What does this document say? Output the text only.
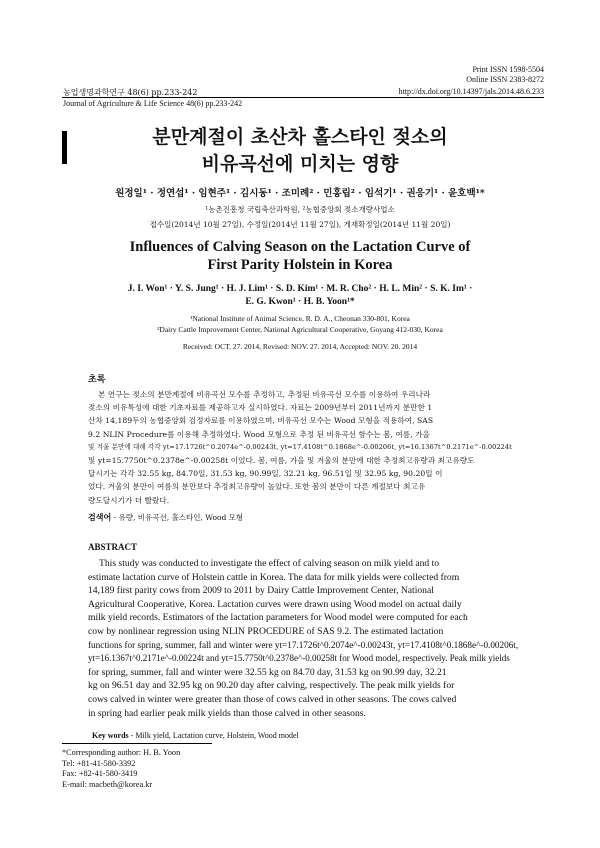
Print ISSN 1598-5504
Online ISSN 2383-8272
농업생명과학연구 48(6) pp.233-242	http://dx.doi.org/10.14397/jals.2014.48.6.233
Journal of Agriculture & Life Science 48(6) pp.233-242
분만계절이 초산차 홀스타인 젖소의
비유곡선에 미치는 영향
원정일¹ · 정연섭¹ · 임현주¹ · 김시동¹ · 조미례² · 민홍립² · 임석기¹ · 권응기¹ · 윤호백¹*
¹농촌진흥청 국립축산과학원, ²농협중앙회 젖소개량사업소
접수일(2014년 10월 27일), 수정일(2014년 11월 27일), 게재확정일(2014년 11월 20일)
Influences of Calving Season on the Lactation Curve of
First Parity Holstein in Korea
J. I. Won¹ · Y. S. Jung¹ · H. J. Lim¹ · S. D. Kim¹ · M. R. Cho² · H. L. Min² · S. K. Im¹ ·
E. G. Kwon¹ · H. B. Yoon¹*
¹National Institute of Animal Science, R. D. A., Cheonan 330-801, Korea
²Dairy Cattle Improvement Center, National Agricultural Cooperative, Goyang 412-030, Korea
Received: OCT. 27. 2014, Revised: NOV. 27. 2014, Accepted: NOV. 20. 2014
초록
본 연구는 젖소의 분만계절에 비유곡선 모수를 추정하고, 추정된 비유곡선 모수를 이용하여 우리나라
젖소의 비유특성에 대한 기초자료를 제공하고자 실시하였다. 자료는 2009년부터 2011년까지 분만한 1
산차 14,189두의 농협중앙회 검정자료를 이용하였으며, 비유곡선 모수는 Wood 모형을 적용하여, SAS
9.2 NLIN Procedure를 이용해 추정하였다. Wood 모형으로 추정 된 비유곡선 함수는 봄, 여름, 가을
및 겨울 분만에 대해 각각 yt=17.1726t^0.2074e^-0.00243t, yt=17.4108t^0.1868e^-0.00206t, yt=16.1367t^0.2171e^-0.00224t
및 yt=15.7750t^0.2378e^-0.00258t 이었다. 봄, 여름, 가을 및 겨울의 분만에 대한 추정최고유량과 최고유량도
달시기는 각각 32.55 kg, 84.70일, 31.53 kg, 90.99일, 32.21 kg, 96.51일 및 32.95 kg, 90.20일 이
었다. 겨울의 분만이 여름의 분만보다 추정최고유량이 높았다. 또한 봄의 분만이 다른 계절보다 최고유
량도달시기가 더 빨랐다.
검색어 - 유량, 비유곡선, 홀스타인, Wood 모형
ABSTRACT
This study was conducted to investigate the effect of calving season on milk yield and to
estimate lactation curve of Holstein cattle in Korea. The data for milk yields were collected from
14,189 first parity cows from 2009 to 2011 by Dairy Cattle Improvement Center, National
Agricultural Cooperative, Korea. Lactation curves were drawn using Wood model on actual daily
milk yield records. Estimators of the lactation parameters for Wood model were computed for each
cow by nonlinear regression using NLIN PROCEDURE of SAS 9.2. The estimated lactation
functions for spring, summer, fall and winter were yt=17.1726t^0.2074e^-0.00243t, yt=17.4108t^0.1868e^-0.00206t,
yt=16.1367t^0.2171e^-0.00224t and yt=15.7750t^0.2378e^-0.00258t for Wood model, respectively. Peak milk yields
for spring, summer, fall and winter were 32.55 kg on 84.70 day, 31.53 kg on 90.99 day, 32.21
kg on 96.51 day and 32.95 kg on 90.20 day after calving, respectively. The peak milk yields for
cows calved in winter were greater than those of cows calved in other seasons. The cows calved
in spring had earlier peak milk yields than those calved in other seasons.
Key words - Milk yield, Lactation curve, Holstein, Wood model
*Corresponding author: H. B. Yoon
Tel: +81-41-580-3392
Fax: +82-41-580-3419
E-mail: macbeth@korea.kr
